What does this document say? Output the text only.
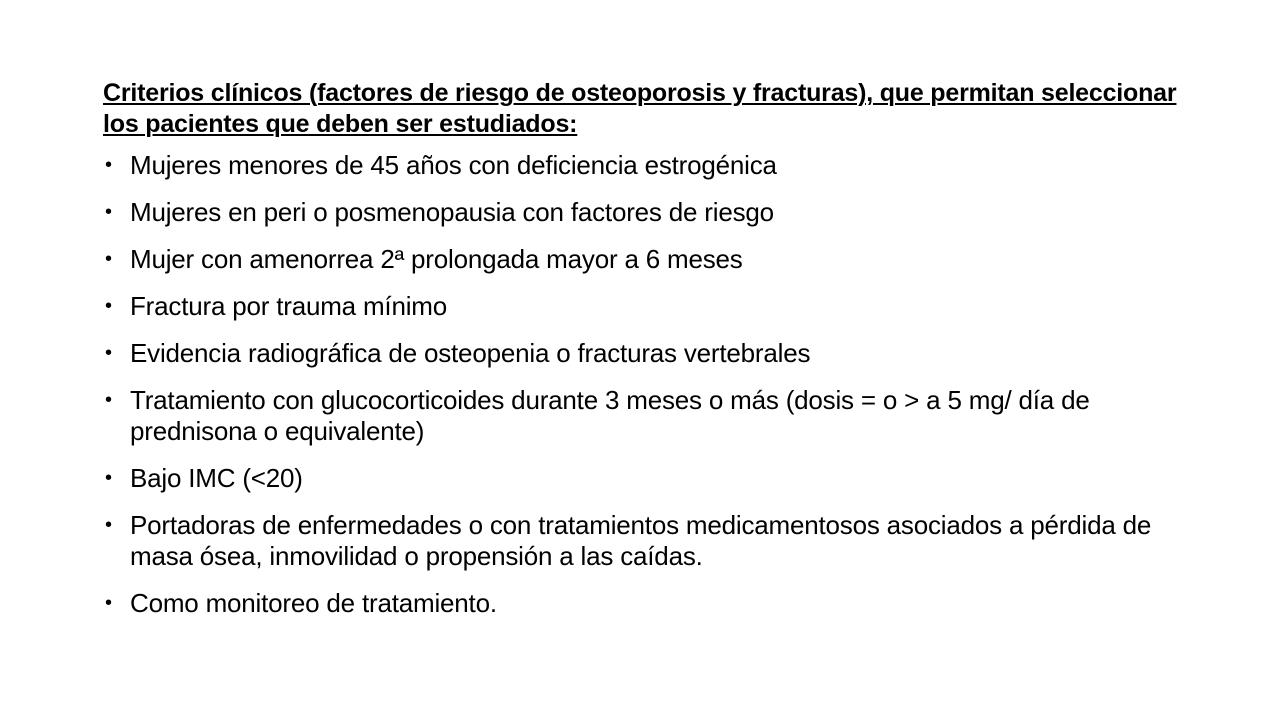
Criterios clínicos (factores de riesgo de osteoporosis y fracturas), que permitan seleccionar los pacientes que deben ser estudiados:
• Mujeres menores de 45 años con deficiencia estrogénica
• Mujeres en peri o posmenopausia con factores de riesgo
• Mujer con amenorrea 2ª prolongada mayor a 6 meses
• Fractura por trauma mínimo
• Evidencia radiográfica de osteopenia o fracturas vertebrales
• Tratamiento con glucocorticoides durante 3 meses o más (dosis = o > a 5 mg/ día de prednisona o equivalente)
• Bajo IMC (<20)
• Portadoras de enfermedades o con tratamientos medicamentosos asociados a pérdida de masa ósea, inmovilidad o propensión a las caídas.
• Como monitoreo de tratamiento.
